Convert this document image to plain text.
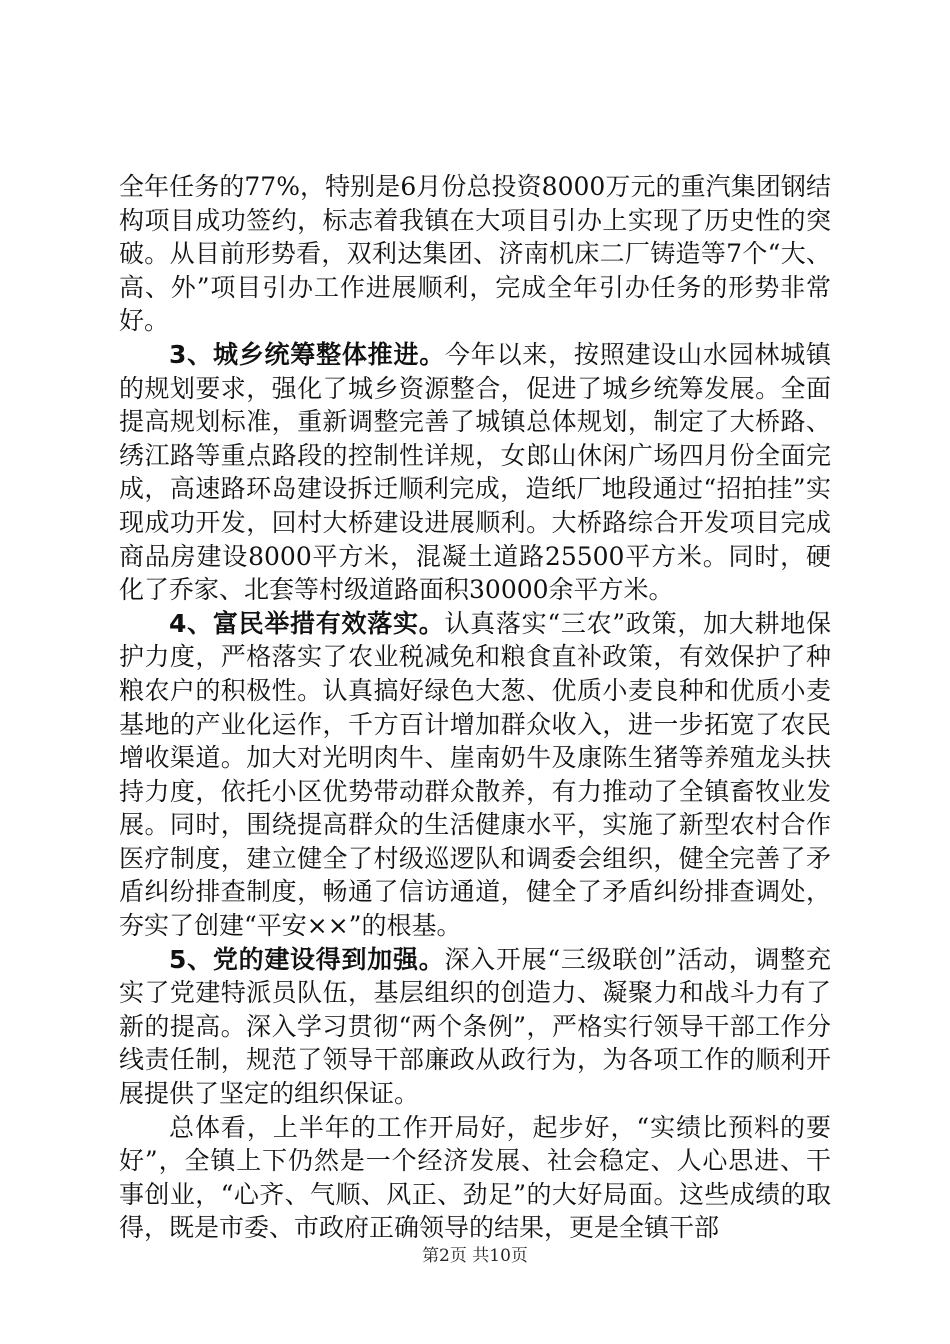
全年任务的77%，特别是6月份总投资8000万元的重汽集团钢结构项目成功签约，标志着我镇在大项目引办上实现了历史性的突破。从目前形势看，双利达集团、济南机床二厂铸造等7个“大、高、外”项目引办工作进展顺利，完成全年引办任务的形势非常好。

3、城乡统筹整体推进。今年以来，按照建设山水园林城镇的规划要求，强化了城乡资源整合，促进了城乡统筹发展。全面提高规划标准，重新调整完善了城镇总体规划，制定了大桥路、绣江路等重点路段的控制性详规，女郎山休闲广场四月份全面完成，高速路环岛建设拆迁顺利完成，造纸厂地段通过“招拍挂”实现成功开发，回村大桥建设进展顺利。大桥路综合开发项目完成商品房建设8000平方米，混凝土道路25500平方米。同时，硬化了乔家、北套等村级道路面积30000余平方米。

4、富民举措有效落实。认真落实“三农”政策，加大耕地保护力度，严格落实了农业税减免和粮食直补政策，有效保护了种粮农户的积极性。认真搞好绿色大葱、优质小麦良种和优质小麦基地的产业化运作，千方百计增加群众收入，进一步拓宽了农民增收渠道。加大对光明肉牛、崖南奶牛及康陈生猪等养殖龙头扶持力度，依托小区优势带动群众散养，有力推动了全镇畜牧业发展。同时，围绕提高群众的生活健康水平，实施了新型农村合作医疗制度，建立健全了村级巡逻队和调委会组织，健全完善了矛盾纠纷排查制度，畅通了信访通道，健全了矛盾纠纷排查调处，夯实了创建“平安××”的根基。

5、党的建设得到加强。深入开展“三级联创”活动，调整充实了党建特派员队伍，基层组织的创造力、凝聚力和战斗力有了新的提高。深入学习贯彻“两个条例”，严格实行领导干部工作分线责任制，规范了领导干部廉政从政行为，为各项工作的顺利开展提供了坚定的组织保证。

总体看，上半年的工作开局好，起步好，“实绩比预料的要好”，全镇上下仍然是一个经济发展、社会稳定、人心思进、干事创业，“心齐、气顺、风正、劲足”的大好局面。这些成绩的取得，既是市委、市政府正确领导的结果，更是全镇干部

第2页 共10页
